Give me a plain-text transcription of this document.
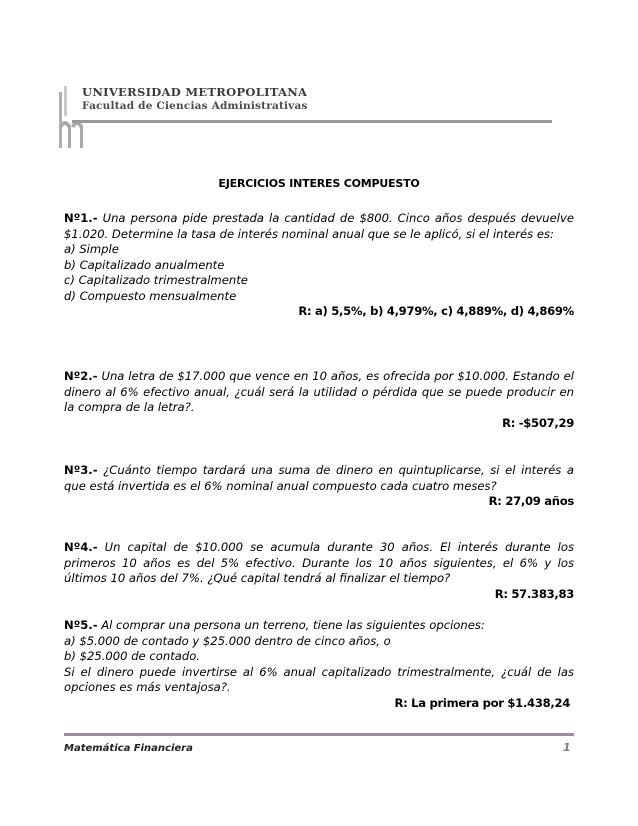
UNIVERSIDAD METROPOLITANA
Facultad de Ciencias Administrativas
EJERCICIOS INTERES COMPUESTO

Nº1.- Una persona pide prestada la cantidad de $800. Cinco años después devuelve $1.020. Determine la tasa de interés nominal anual que se le aplicó, si el interés es:

a) Simple

b) Capitalizado anualmente

c) Capitalizado trimestralmente

d) Compuesto mensualmente

R: a) 5,5%, b) 4,979%, c) 4,889%, d) 4,869%

Nº2.- Una letra de $17.000 que vence en 10 años, es ofrecida por $10.000. Estando el dinero al 6% efectivo anual, ¿cuál será la utilidad o pérdida que se puede producir en la compra de la letra?.

R: -$507,29

Nº3.- ¿Cuánto tiempo tardará una suma de dinero en quintuplicarse, si el interés a que está invertida es el 6% nominal anual compuesto cada cuatro meses?

R: 27,09 años

Nº4.- Un capital de $10.000 se acumula durante 30 años. El interés durante los primeros 10 años es del 5% efectivo. Durante los 10 años siguientes, el 6% y los últimos 10 años del 7%. ¿Qué capital tendrá al finalizar el tiempo?

R: 57.383,83

Nº5.- Al comprar una persona un terreno, tiene las siguientes opciones:

a) $5.000 de contado y $25.000 dentro de cinco años, o

b) $25.000 de contado.

Si el dinero puede invertirse al 6% anual capitalizado trimestralmente, ¿cuál de las opciones es más ventajosa?.

R: La primera por $1.438,24
Matemática Financiera	1
